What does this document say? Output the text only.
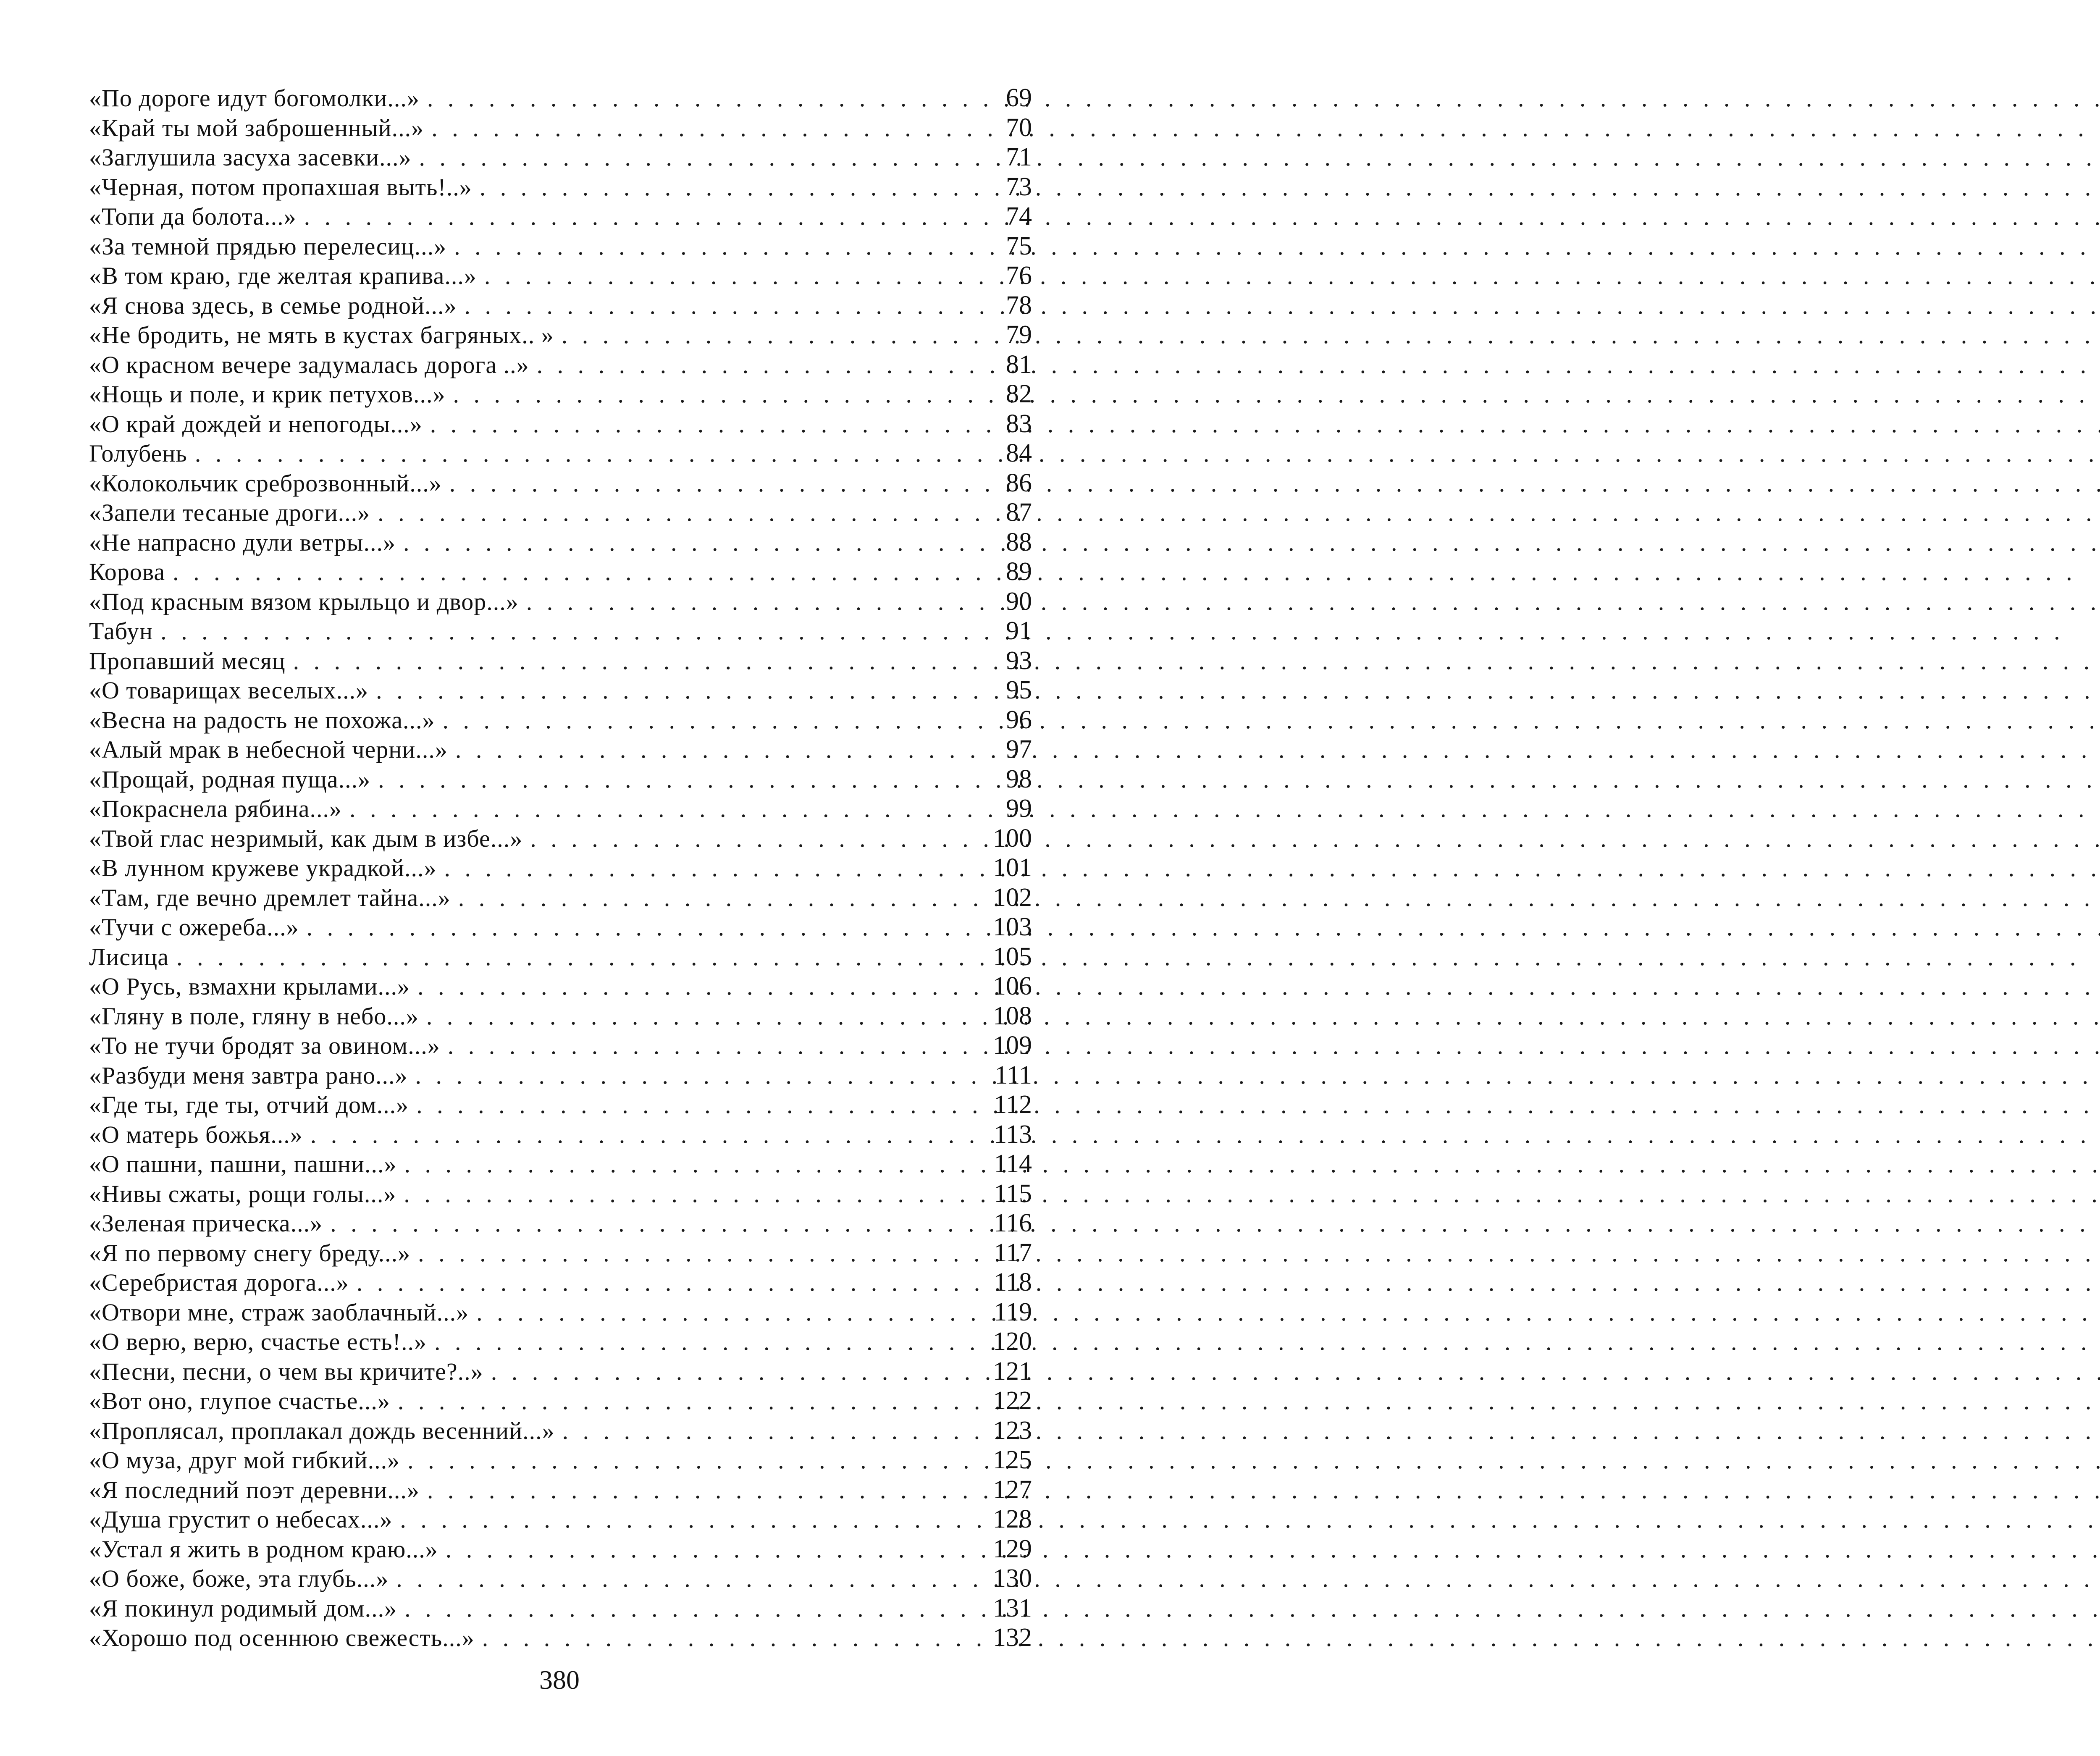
«По дороге идут богомолки...» . . .	69
«Край ты мой заброшенный...» . . .	70
«Заглушила засуха засевки...» . . .	71
«Черная, потом пропахшая выть!..» . . .	73
«Топи да болота...» . . .	74
«За темной прядью перелесиц...» . . .	75
«В том краю, где желтая крапива...» . . .	76
«Я снова здесь, в семье родной...» . . .	78
«Не бродить, не мять в кустах багряных.. » . . .	79
«О красном вечере задумалась дорога ..» . . .	81
«Нощь и поле, и крик петухов...» . . .	82
«О край дождей и непогоды...» . . .	83
Голубень . . .	84
«Колокольчик среброзвонный...» . . .	86
«Запели тесаные дроги...» . . .	87
«Не напрасно дули ветры...» . . .	88
Корова . . .	89
«Под красным вязом крыльцо и двор...» . . .	90
Табун . . .	91
Пропавший месяц . . .	93
«О товарищах веселых...» . . .	95
«Весна на радость не похожа...» . . .	96
«Алый мрак в небесной черни...» . . .	97
«Прощай, родная пуща...» . . .	98
«Покраснела рябина...» . . .	99
«Твой глас незримый, как дым в избе...» . . .	100
«В лунном кружеве украдкой...» . . .	101
«Там, где вечно дремлет тайна...» . . .	102
«Тучи с ожереба...» . . .	103
Лисица . . .	105
«О Русь, взмахни крылами...» . . .	106
«Гляну в поле, гляну в небо...» . . .	108
«То не тучи бродят за овином...» . . .	109
«Разбуди меня завтра рано...» . . .	111
«Где ты, где ты, отчий дом...» . . .	112
«О матерь божья...» . . .	113
«О пашни, пашни, пашни...» . . .	114
«Нивы сжаты, рощи голы...» . . .	115
«Зеленая прическа...» . . .	116
«Я по первому снегу бреду...» . . .	117
«Серебристая дорога...» . . .	118
«Отвори мне, страж заоблачный...» . . .	119
«О верю, верю, счастье есть!..» . . .	120
«Песни, песни, о чем вы кричите?..» . . .	121
«Вот оно, глупое счастье...» . . .	122
«Проплясал, проплакал дождь весенний...» . . .	123
«О муза, друг мой гибкий...» . . .	125
«Я последний поэт деревни...» . . .	127
«Душа грустит о небесах...» . . .	128
«Устал я жить в родном краю...» . . .	129
«О боже, боже, эта глубь...» . . .	130
«Я покинул родимый дом...» . . .	131
«Хорошо под осеннюю свежесть...» . . .	132
380
